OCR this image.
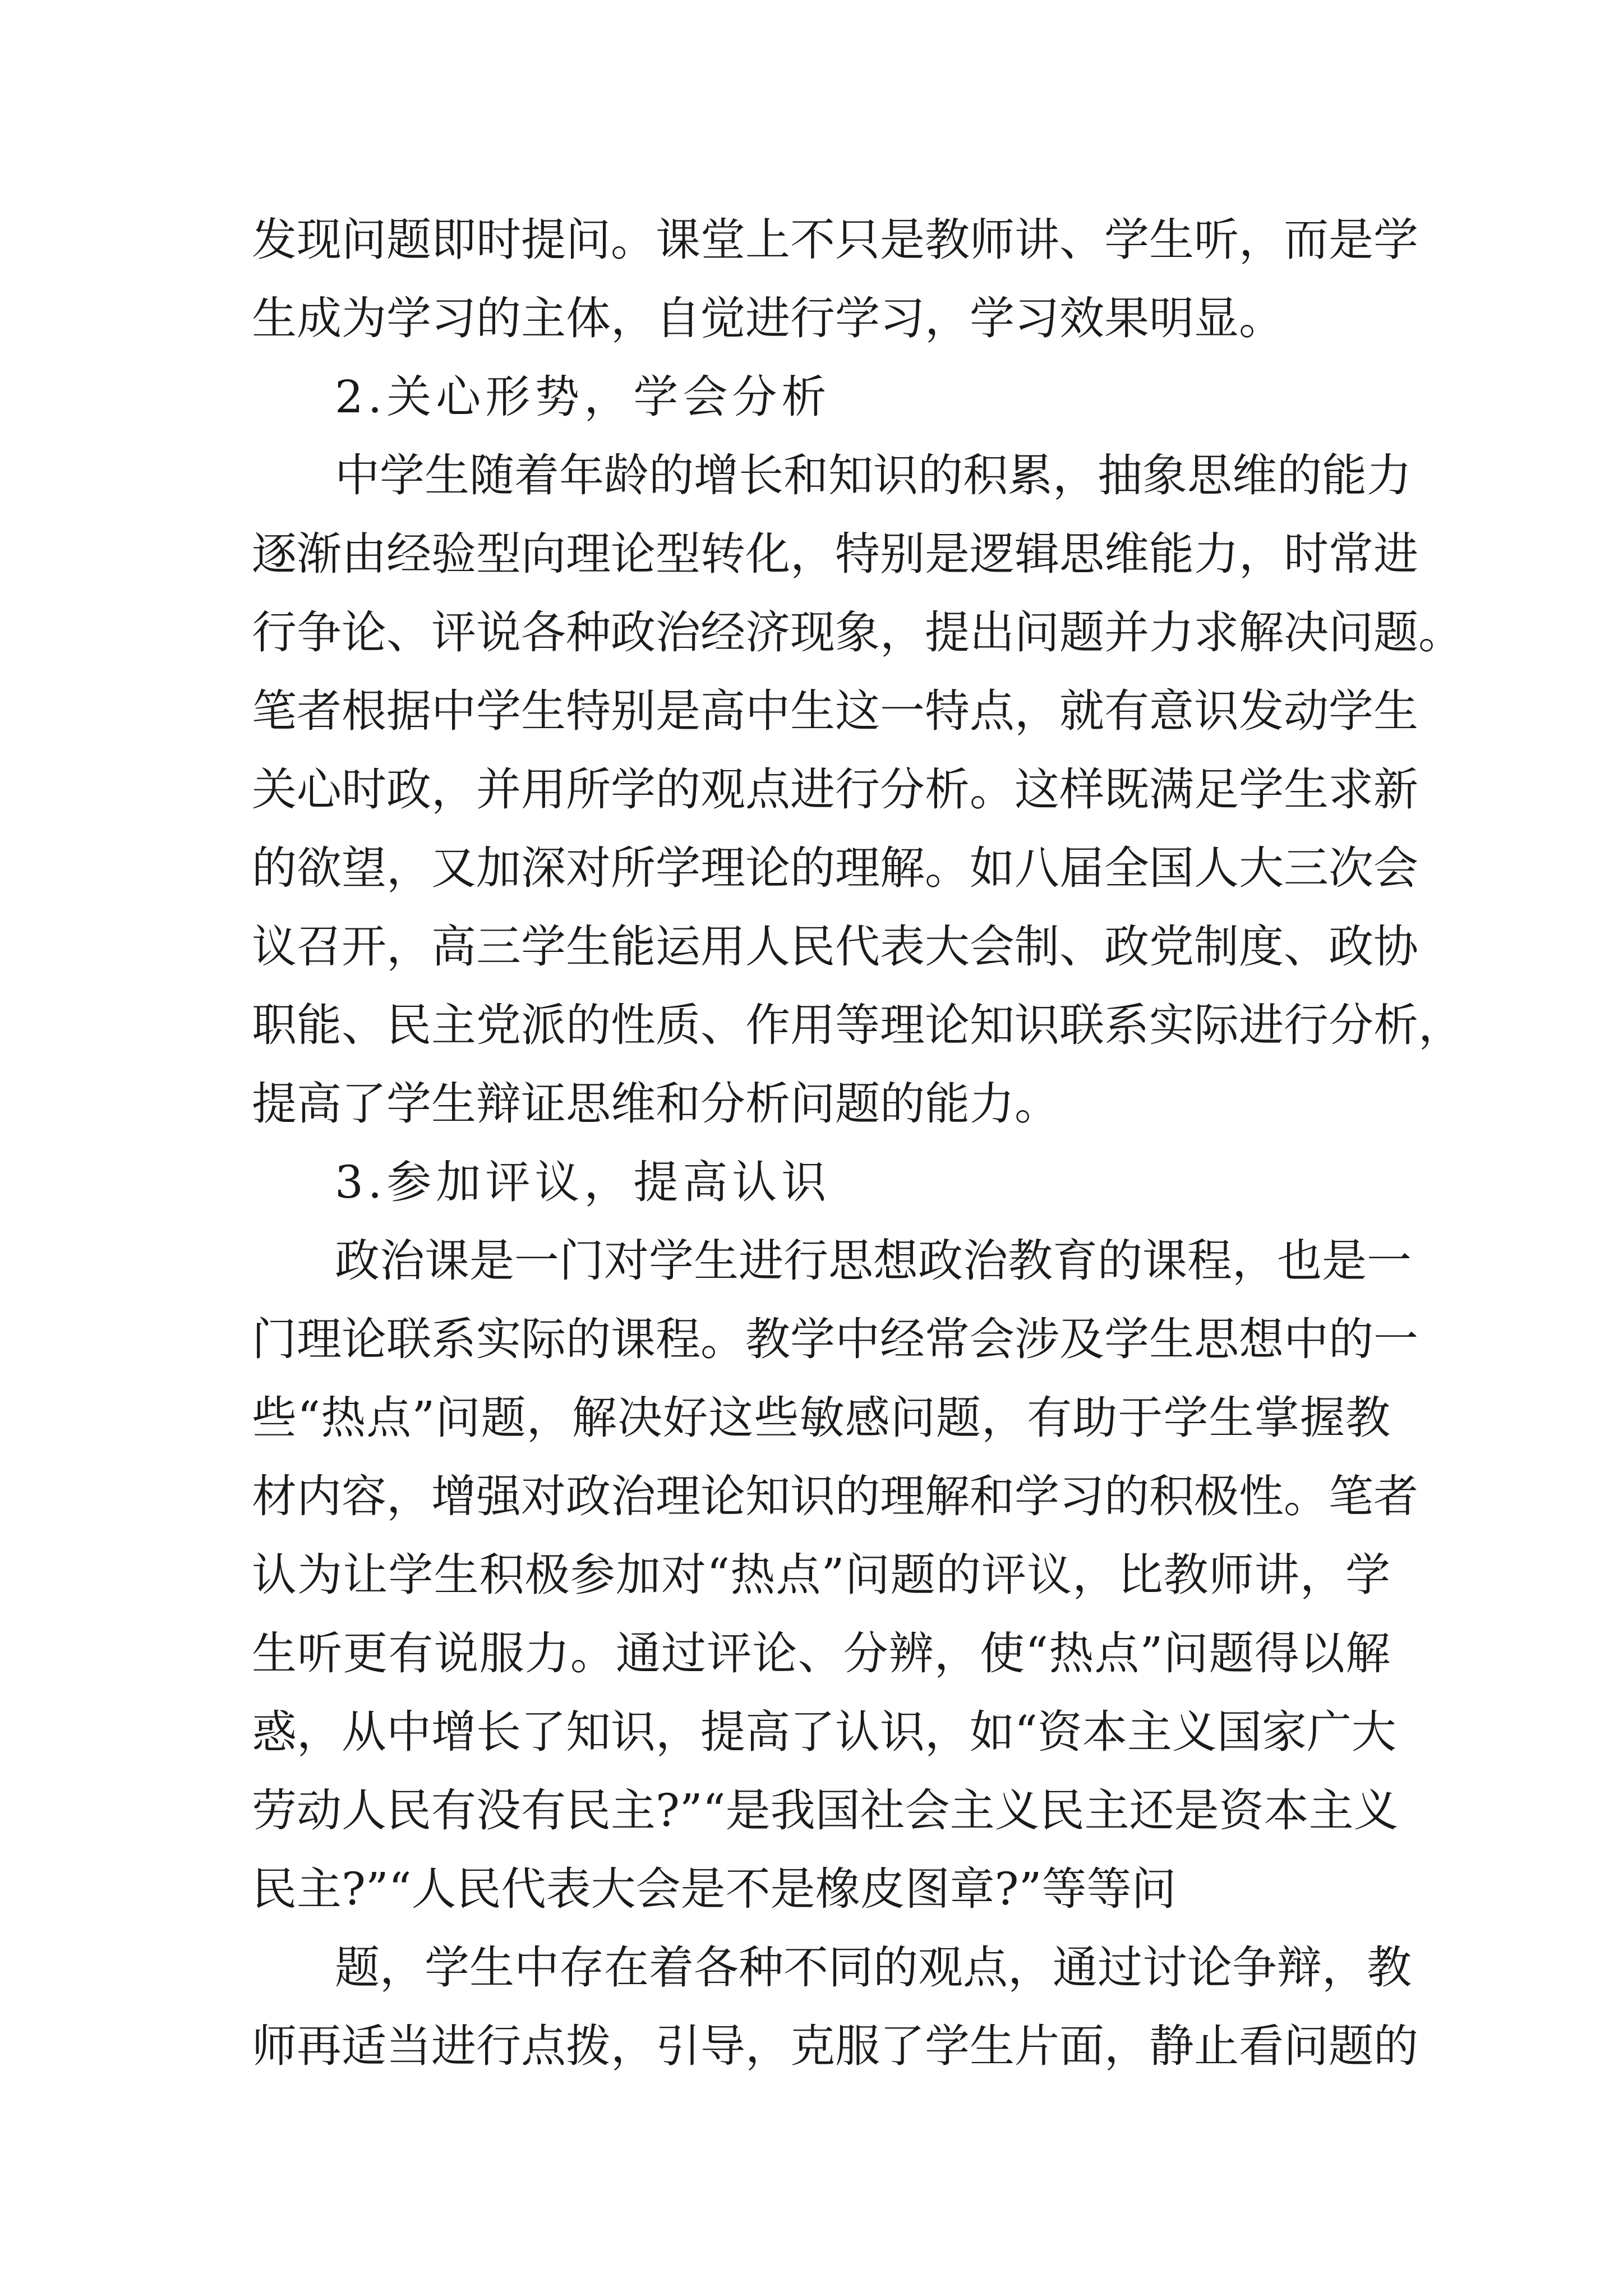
发现问题即时提问。课堂上不只是教师讲、学生听，而是学
生成为学习的主体，自觉进行学习，学习效果明显。
2.关心形势，学会分析
中学生随着年龄的增长和知识的积累，抽象思维的能力
逐渐由经验型向理论型转化，特别是逻辑思维能力，时常进
行争论、评说各种政治经济现象，提出问题并力求解决问题。
笔者根据中学生特别是高中生这一特点，就有意识发动学生
关心时政，并用所学的观点进行分析。这样既满足学生求新
的欲望，又加深对所学理论的理解。如八届全国人大三次会
议召开，高三学生能运用人民代表大会制、政党制度、政协
职能、民主党派的性质、作用等理论知识联系实际进行分析，
提高了学生辩证思维和分析问题的能力。
3.参加评议，提高认识
政治课是一门对学生进行思想政治教育的课程，也是一
门理论联系实际的课程。教学中经常会涉及学生思想中的一
些“热点”问题，解决好这些敏感问题，有助于学生掌握教
材内容，增强对政治理论知识的理解和学习的积极性。笔者
认为让学生积极参加对“热点”问题的评议，比教师讲，学
生听更有说服力。通过评论、分辨，使“热点”问题得以解
惑，从中增长了知识，提高了认识，如“资本主义国家广大
劳动人民有没有民主?”“是我国社会主义民主还是资本主义
民主?”“人民代表大会是不是橡皮图章?”等等问
题，学生中存在着各种不同的观点，通过讨论争辩，教
师再适当进行点拨，引导，克服了学生片面，静止看问题的
